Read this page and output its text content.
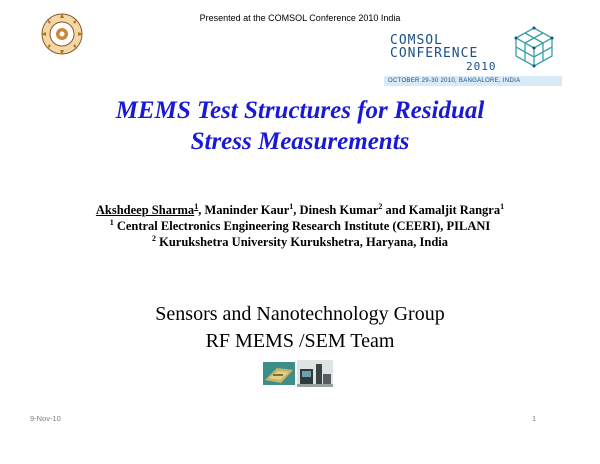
Presented at the COMSOL Conference 2010 India
COMSOL
CONFERENCE
2010
OCTOBER 29-30 2010, BANGALORE, INDIA
MEMS Test Structures for Residual
Stress Measurements
Akshdeep Sharma$^1$, Maninder Kaur$^1$, Dinesh Kumar$^2$ and Kamaljit Rangra$^1$
$^1$ Central Electronics Engineering Research Institute (CEERI), PILANI
$^2$ Kurukshetra University Kurukshetra, Haryana, India
Sensors and Nanotechnology Group
RF MEMS /SEM Team
9-Nov-10	1
